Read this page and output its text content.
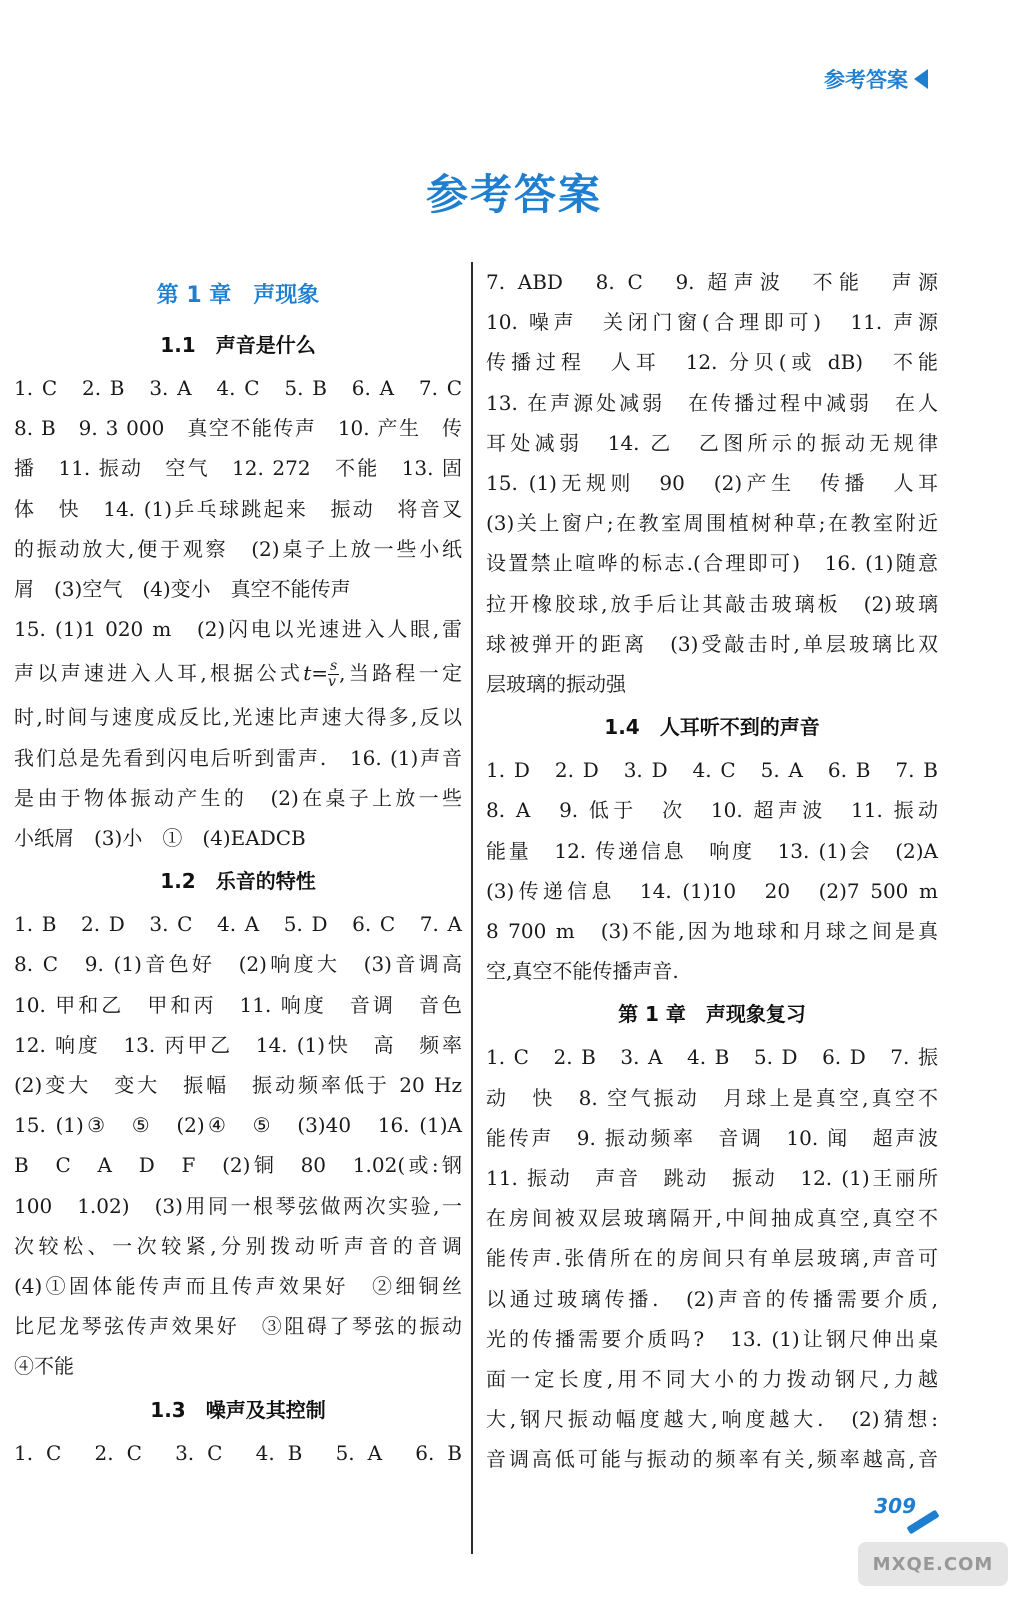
参考答案
参考答案
第 1 章　声现象
1.1　声音是什么

1. C　2. B　3. A　4. C　5. B　6. A　7. C

8. B　9. 3 000　真空不能传声　10. 产生　传

播　11. 振动　空气　12. 272　不能　13. 固

体　快　14. (1)乒乓球跳起来　振动　将音叉

的振动放大,便于观察　(2)桌子上放一些小纸

屑　(3)空气　(4)变小　真空不能传声

15. (1)1 020 m　(2)闪电以光速进入人眼,雷

声以声速进入人耳,根据公式$t= \frac{s}{v}$ ,当路程一定

时,时间与速度成反比,光速比声速大得多,反以

我们总是先看到闪电后听到雷声.　16. (1)声音

是由于物体振动产生的　(2)在桌子上放一些

小纸屑　(3)小　①　(4)EADCB

1.2　乐音的特性

1. B　2. D　3. C　4. A　5. D　6. C　7. A

8. C　9. (1)音色好　(2)响度大　(3)音调高

10. 甲和乙　甲和丙　11. 响度　音调　音色

12. 响度　13. 丙甲乙　14. (1)快　高　频率

(2)变大　变大　振幅　振动频率低于 20 Hz

15. (1)③　⑤　(2)④　⑤　(3)40　16. (1)A

B　C　A　D　F　(2)铜　80　1.02(或:钢

100　1.02)　(3)用同一根琴弦做两次实验,一

次较松、一次较紧,分别拨动听声音的音调

(4)①固体能传声而且传声效果好　②细铜丝

比尼龙琴弦传声效果好　③阻碍了琴弦的振动

④不能

1.3　噪声及其控制

1. C　2. C　3. C　4. B　5. A　6. B

7. ABD　8. C　9. 超声波　不能　声源

10. 噪声　关闭门窗(合理即可)　11. 声源

传播过程　人耳　12. 分贝(或 dB)　不能

13. 在声源处减弱　在传播过程中减弱　在人

耳处减弱　14. 乙　乙图所示的振动无规律

15. (1)无规则　90　(2)产生　传播　人耳

(3)关上窗户;在教室周围植树种草;在教室附近

设置禁止喧哗的标志.(合理即可)　16. (1)随意

拉开橡胶球,放手后让其敲击玻璃板　(2)玻璃

球被弹开的距离　(3)受敲击时,单层玻璃比双

层玻璃的振动强

1.4　人耳听不到的声音

1. D　2. D　3. D　4. C　5. A　6. B　7. B

8. A　9. 低于　次　10. 超声波　11. 振动

能量　12. 传递信息　响度　13. (1)会　(2)A

(3)传递信息　14. (1)10　20　(2)7 500 m

8 700 m　(3)不能,因为地球和月球之间是真

空,真空不能传播声音.

第 1 章　声现象复习

1. C　2. B　3. A　4. B　5. D　6. D　7. 振

动　快　8. 空气振动　月球上是真空,真空不

能传声　9. 振动频率　音调　10. 闻　超声波

11. 振动　声音　跳动　振动　12. (1)王丽所

在房间被双层玻璃隔开,中间抽成真空,真空不

能传声.张倩所在的房间只有单层玻璃,声音可

以通过玻璃传播.　(2)声音的传播需要介质,

光的传播需要介质吗?　13. (1)让钢尺伸出桌

面一定长度,用不同大小的力拨动钢尺,力越

大,钢尺振动幅度越大,响度越大.　(2)猜想:

音调高低可能与振动的频率有关,频率越高,音

309
MXQE.COM
